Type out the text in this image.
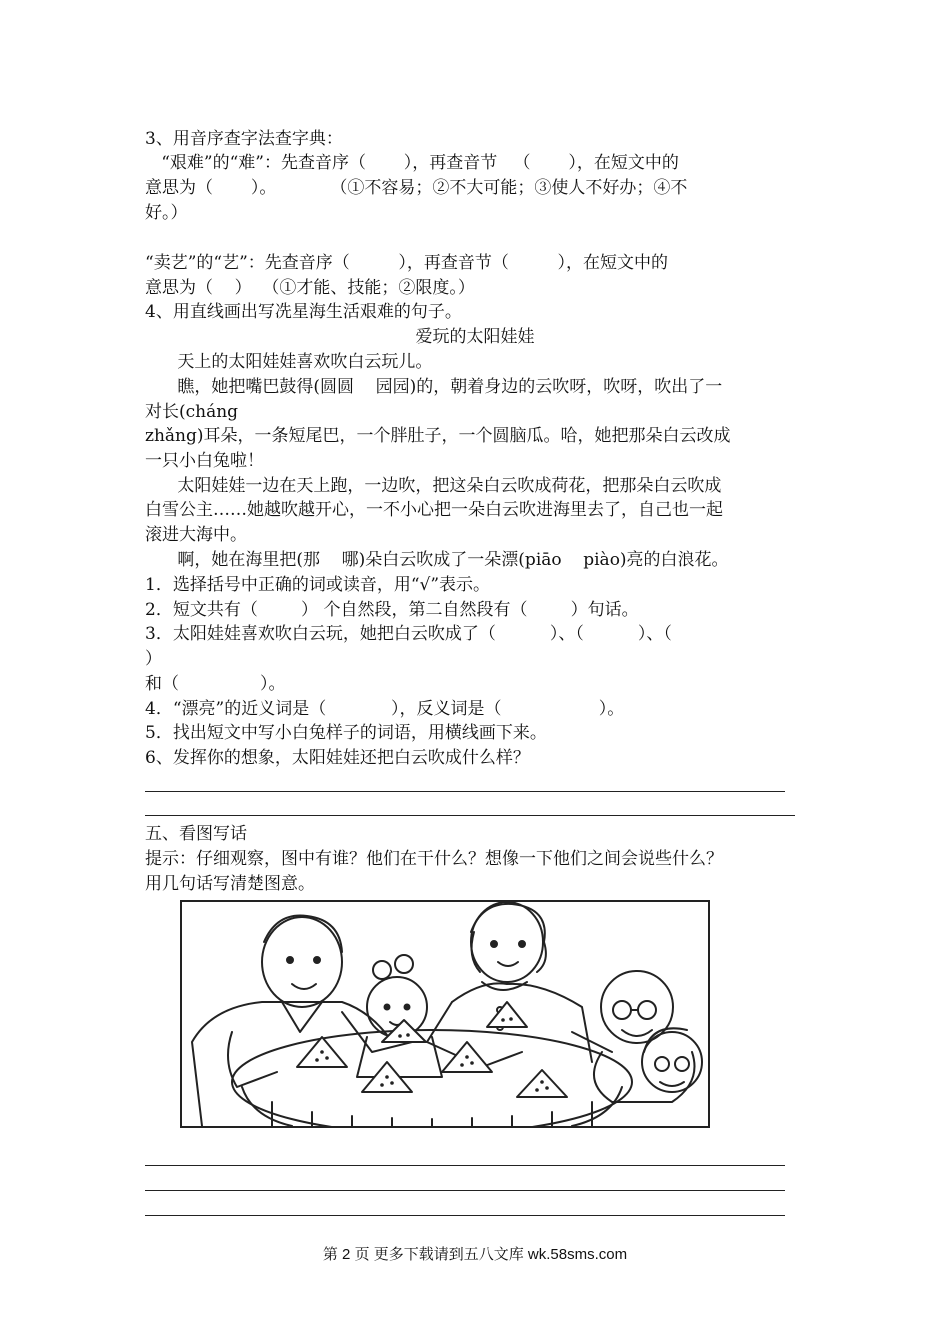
3、用音序查字法查字典：
“艰难”的“难”：先查音序（       ），再查音节   （       ），在短文中的
意思为（       ）。          （①不容易；②不大可能；③使人不好办；④不
好。）
“卖艺”的“艺”：先查音序（         ），再查音节（         ），在短文中的
意思为（    ）  （①才能、技能；②限度。）
4、用直线画出写冼星海生活艰难的句子。
爱玩的太阳娃娃
天上的太阳娃娃喜欢吹白云玩儿。
瞧，她把嘴巴鼓得(圆圆    园园)的，朝着身边的云吹呀，吹呀，吹出了一
对长(cháng
zhǎng)耳朵，一条短尾巴，一个胖肚子，一个圆脑瓜。哈，她把那朵白云改成
一只小白兔啦！
太阳娃娃一边在天上跑，一边吹，把这朵白云吹成荷花，把那朵白云吹成
白雪公主……她越吹越开心，一不小心把一朵白云吹进海里去了，自己也一起
滚进大海中。
啊，她在海里把(那    哪)朵白云吹成了一朵漂(piāo    piào)亮的白浪花。
1．选择括号中正确的词或读音，用“√”表示。
2．短文共有（        ） 个自然段，第二自然段有（        ）句话。
3．太阳娃娃喜欢吹白云玩，她把白云吹成了（          ）、（          ）、（
）
和（               ）。
4．“漂亮”的近义词是（            ），反义词是（                  ）。
5．找出短文中写小白兔样子的词语，用横线画下来。
6、发挥你的想象，太阳娃娃还把白云吹成什么样？
五、看图写话
提示：仔细观察，图中有谁？他们在干什么？想像一下他们之间会说些什么？
用几句话写清楚图意。
第 2 页 更多下载请到五八文库 wk.58sms.com
